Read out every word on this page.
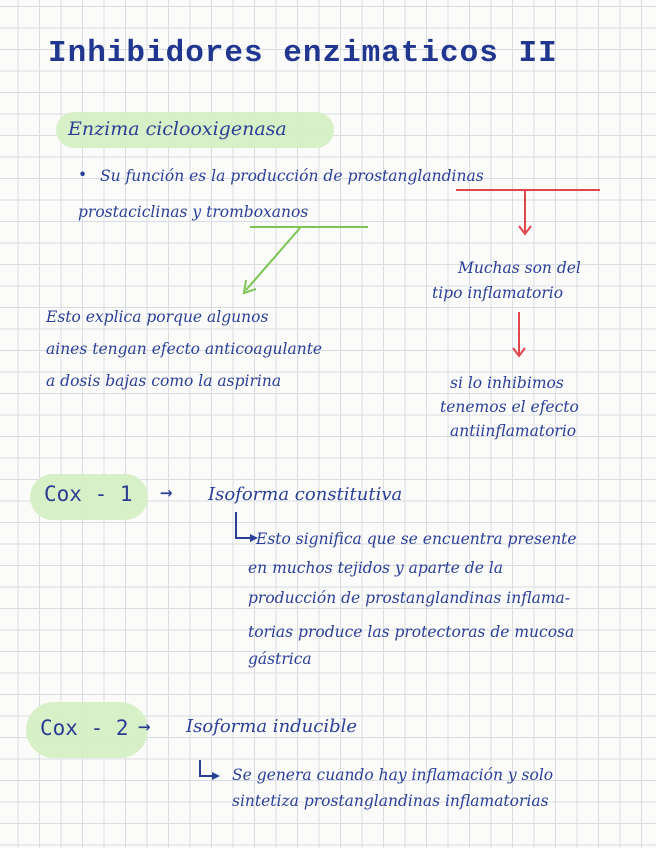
Inhibidores enzimaticos II
Enzima ciclooxigenasa
• Su función es la producción de prostanglandinas
prostaciclinas y tromboxanos
Esto explica porque algunos
aines tengan efecto anticoagulante
a dosis bajas como la aspirina
Muchas son del
tipo inflamatorio
si lo inhibimos
tenemos el efecto
antiinflamatorio
Cox - 1 → Isoforma constitutiva
Esto significa que se encuentra presente
en muchos tejidos y aparte de la
producción de prostanglandinas inflama-
torias produce las protectoras de mucosa
gástrica
Cox - 2 → Isoforma inducible
Se genera cuando hay inflamación y solo
sintetiza prostanglandinas inflamatorias
